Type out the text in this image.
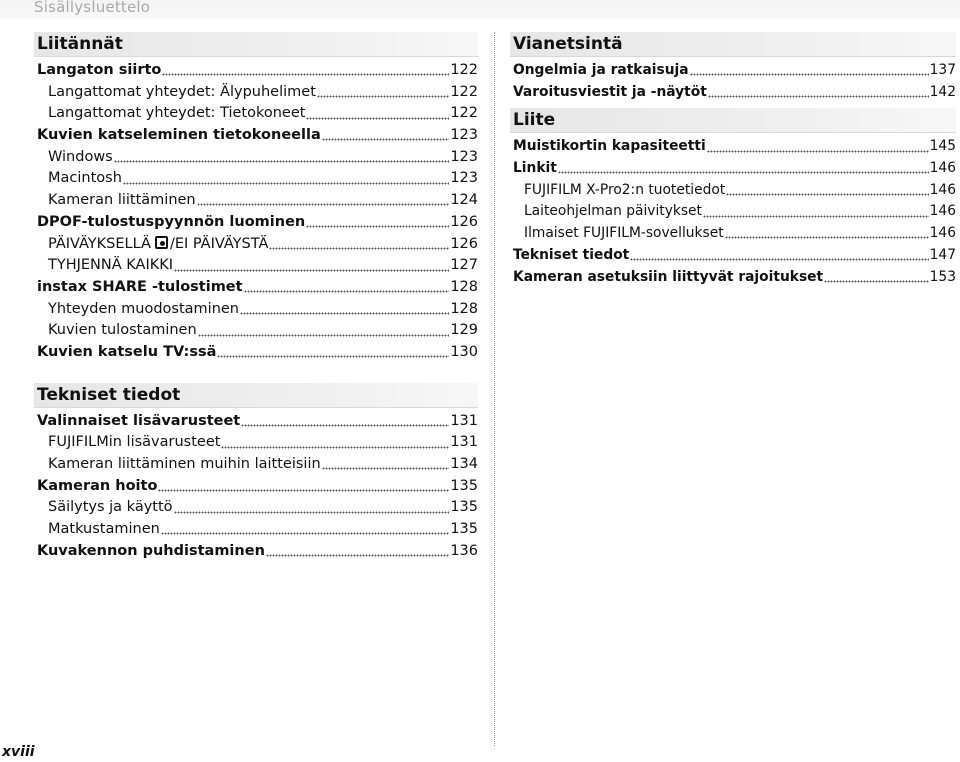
Sisällysluettelo
Liitännät
Langaton siirto	122
Langattomat yhteydet: Älypuhelimet	122
Langattomat yhteydet: Tietokoneet	122
Kuvien katseleminen tietokoneella	123
Windows	123
Macintosh	123
Kameran liittäminen	124
DPOF-tulostuspyynnön luominen	126
PÄIVÄYKSELLÄ /EI PÄIVÄYSTÄ	126
TYHJENNÄ KAIKKI	127
instax SHARE -tulostimet	128
Yhteyden muodostaminen	128
Kuvien tulostaminen	129
Kuvien katselu TV:ssä	130
Tekniset tiedot
Valinnaiset lisävarusteet	131
FUJIFILMin lisävarusteet	131
Kameran liittäminen muihin laitteisiin	134
Kameran hoito	135
Säilytys ja käyttö	135
Matkustaminen	135
Kuvakennon puhdistaminen	136
Vianetsintä
Ongelmia ja ratkaisuja	137
Varoitusviestit ja -näytöt	142
Liite
Muistikortin kapasiteetti	145
Linkit	146
FUJIFILM X-Pro2:n tuotetiedot	146
Laiteohjelman päivitykset	146
Ilmaiset FUJIFILM-sovellukset	146
Tekniset tiedot	147
Kameran asetuksiin liittyvät rajoitukset	153
xviii
